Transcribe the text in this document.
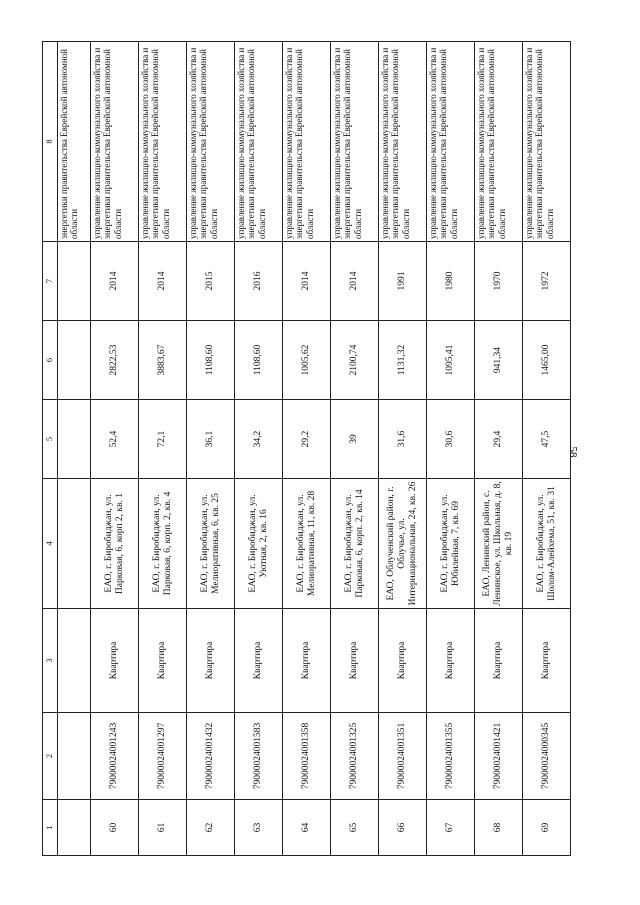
58
1	2	3	4	5	6	7	8
							энергетики правительства Еврейской автономной области
60	79000024001243	Квартира	ЕАО, г. Биробиджан, ул. Парковая, 6, корп 2, кв. 1	52,4	2822,53	2014	управление жилищно-коммунального хозяйства и энергетики правительства Еврейской автономной области
61	79000024001297	Квартира	ЕАО, г. Биробиджан, ул. Парковая, 6, корп. 2, кв. 4	72,1	3883,67	2014	управление жилищно-коммунального хозяйства и энергетики правительства Еврейской автономной области
62	79000024001432	Квартира	ЕАО, г. Биробиджан, ул. Мелиоративная, 6, кв. 25	36,1	1108,60	2015	управление жилищно-коммунального хозяйства и энергетики правительства Еврейской автономной области
63	79000024001583	Квартира	ЕАО, г. Биробиджан, ул. Уютная, 2, кв. 16	34,2	1108,60	2016	управление жилищно-коммунального хозяйства и энергетики правительства Еврейской автономной области
64	79000024001358	Квартира	ЕАО, г. Биробиджан, ул. Мелиоративная, 11, кв. 28	29,2	1005,62	2014	управление жилищно-коммунального хозяйства и энергетики правительства Еврейской автономной области
65	79000024001325	Квартира	ЕАО, г. Биробиджан, ул. Парковая, 6, корп. 2, кв. 14	39	2100,74	2014	управление жилищно-коммунального хозяйства и энергетики правительства Еврейской автономной области
66	79000024001351	Квартира	ЕАО, Облученский район, г. Облучье, ул. Интернациональная, 24, кв. 26	31,6	1131,32	1991	управление жилищно-коммунального хозяйства и энергетики правительства Еврейской автономной области
67	79000024001355	Квартира	ЕАО, г. Биробиджан, ул. Юбилейная, 7, кв. 69	30,6	1095,41	1980	управление жилищно-коммунального хозяйства и энергетики правительства Еврейской автономной области
68	79000024001421	Квартира	ЕАО, Ленинский район, с. Ленинское, ул. Школьная, д. 8, кв. 19	29,4	941,34	1970	управление жилищно-коммунального хозяйства и энергетики правительства Еврейской автономной области
69	79000024000345	Квартира	ЕАО, г. Биробиджан, ул. Шолом-Алейхема, 51, кв. 31	47,5	1465,00	1972	управление жилищно-коммунального хозяйства и энергетики правительства Еврейской автономной области
